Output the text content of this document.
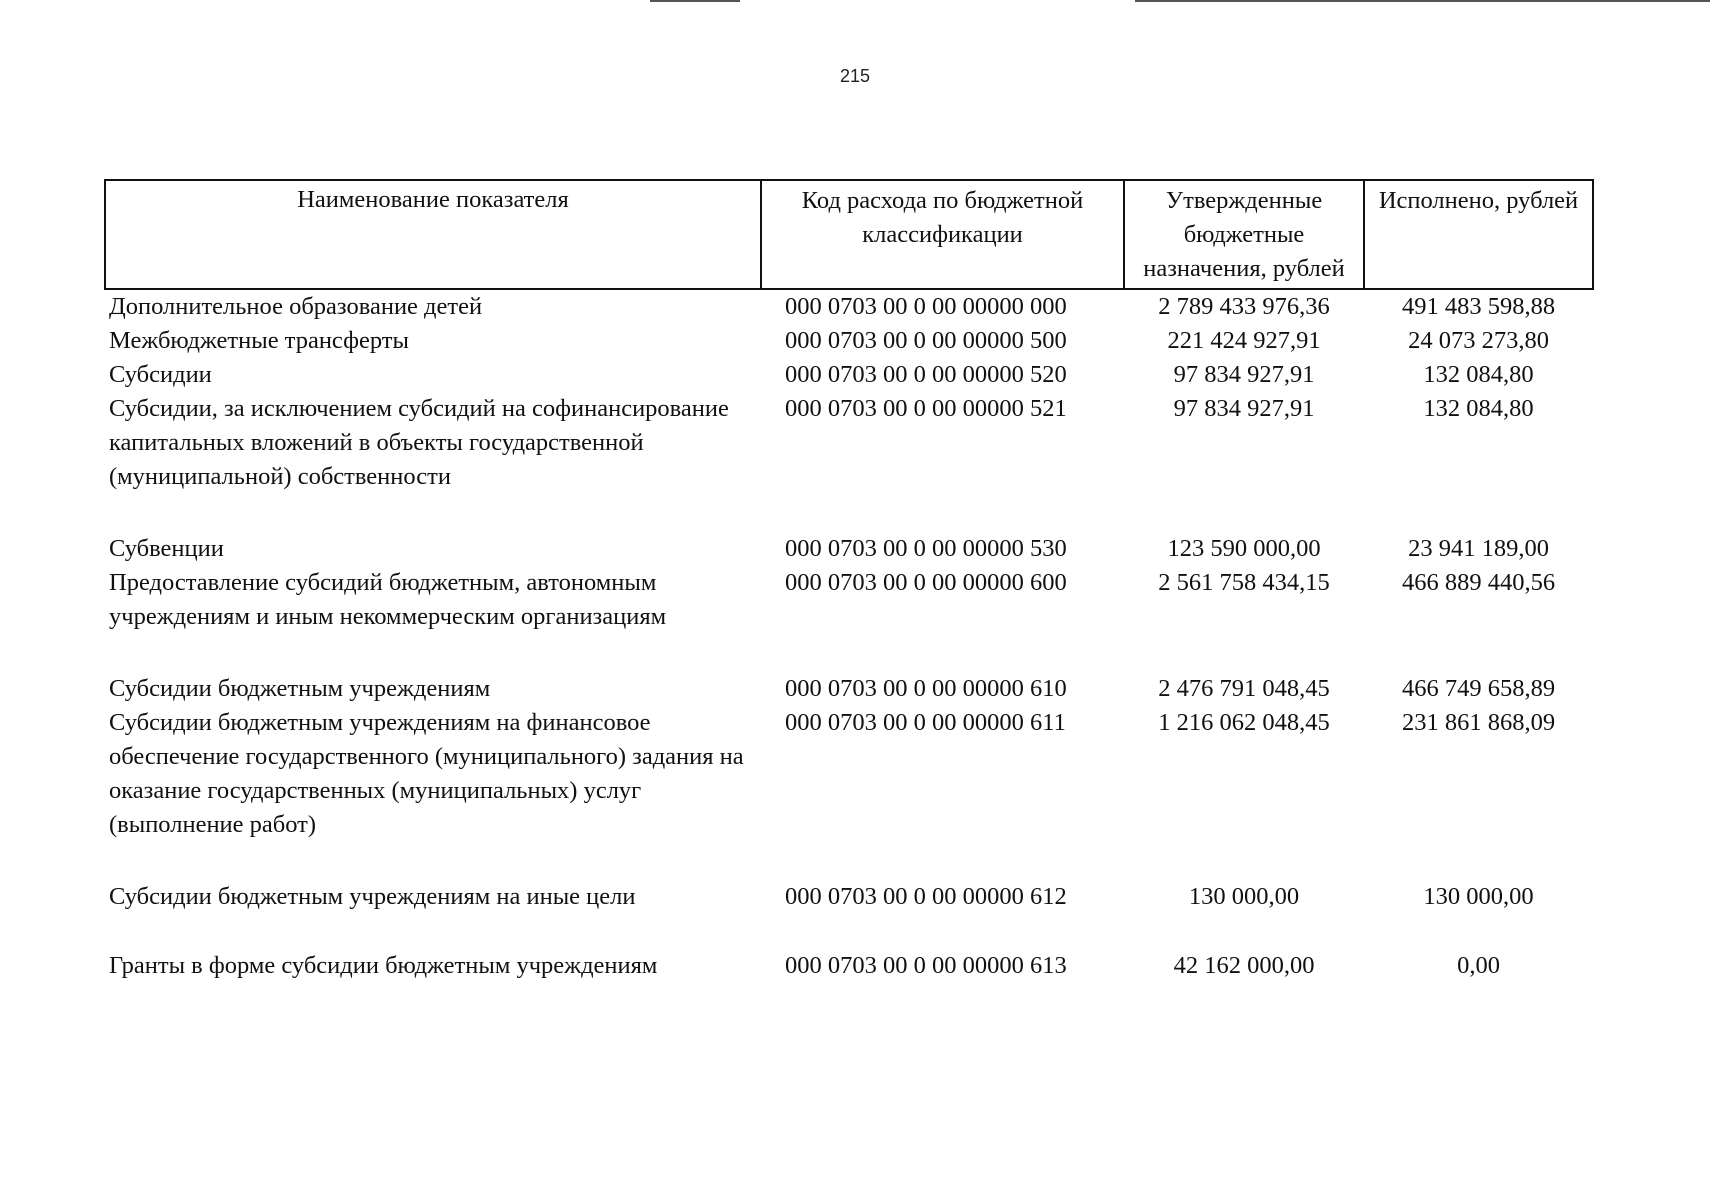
215
Наименование показателя	Код расхода по бюджетной классификации	Утвержденные бюджетные назначения, рублей	Исполнено, рублей
Дополнительное образование детей	000 0703 00 0 00 00000 000	2 789 433 976,36	491 483 598,88
Межбюджетные трансферты	000 0703 00 0 00 00000 500	221 424 927,91	24 073 273,80
Субсидии	000 0703 00 0 00 00000 520	97 834 927,91	132 084,80
Субсидии, за исключением субсидий на софинансирование капитальных вложений в объекты государственной (муниципальной) собственности	000 0703 00 0 00 00000 521	97 834 927,91	132 084,80
Субвенции	000 0703 00 0 00 00000 530	123 590 000,00	23 941 189,00
Предоставление субсидий бюджетным, автономным учреждениям и иным некоммерческим организациям	000 0703 00 0 00 00000 600	2 561 758 434,15	466 889 440,56
Субсидии бюджетным учреждениям	000 0703 00 0 00 00000 610	2 476 791 048,45	466 749 658,89
Субсидии бюджетным учреждениям на финансовое обеспечение государственного (муниципального) задания на оказание государственных (муниципальных) услуг (выполнение работ)	000 0703 00 0 00 00000 611	1 216 062 048,45	231 861 868,09
Субсидии бюджетным учреждениям на иные цели	000 0703 00 0 00 00000 612	130 000,00	130 000,00
Гранты в форме субсидии бюджетным учреждениям	000 0703 00 0 00 00000 613	42 162 000,00	0,00
